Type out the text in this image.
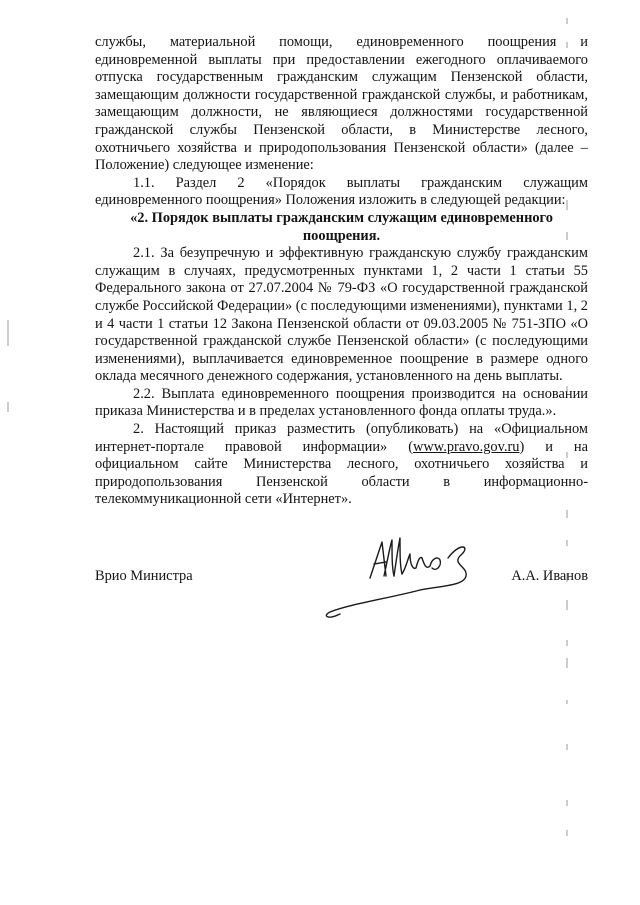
службы, материальной помощи, единовременного поощрения и единовременной выплаты при предоставлении ежегодного оплачиваемого отпуска государственным гражданским служащим Пензенской области, замещающим должности государственной гражданской службы, и работникам, замещающим должности, не являющиеся должностями государственной гражданской службы Пензенской области, в Министерстве лесного, охотничьего хозяйства и природопользования Пензенской области» (далее – Положение) следующее изменение:

1.1. Раздел 2 «Порядок выплаты гражданским служащим единовременного поощрения» Положения изложить в следующей редакции:

«2. Порядок выплаты гражданским служащим единовременного поощрения.

2.1. За безупречную и эффективную гражданскую службу гражданским служащим в случаях, предусмотренных пунктами 1, 2 части 1 статьи 55 Федерального закона от 27.07.2004 № 79-ФЗ «О государственной гражданской службе Российской Федерации» (с последующими изменениями), пунктами 1, 2 и 4 части 1 статьи 12 Закона Пензенской области от 09.03.2005 № 751-ЗПО «О государственной гражданской службе Пензенской области» (с последующими изменениями), выплачивается единовременное поощрение в размере одного оклада месячного денежного содержания, установленного на день выплаты.

2.2. Выплата единовременного поощрения производится на основании приказа Министерства и в пределах установленного фонда оплаты труда.».

2. Настоящий приказ разместить (опубликовать) на «Официальном интернет-портале правовой информации» (www.pravo.gov.ru) и на официальном сайте Министерства лесного, охотничьего хозяйства и природопользования Пензенской области в информационно-телекоммуникационной сети «Интернет».

Врио Министра	А.А. Иванов
